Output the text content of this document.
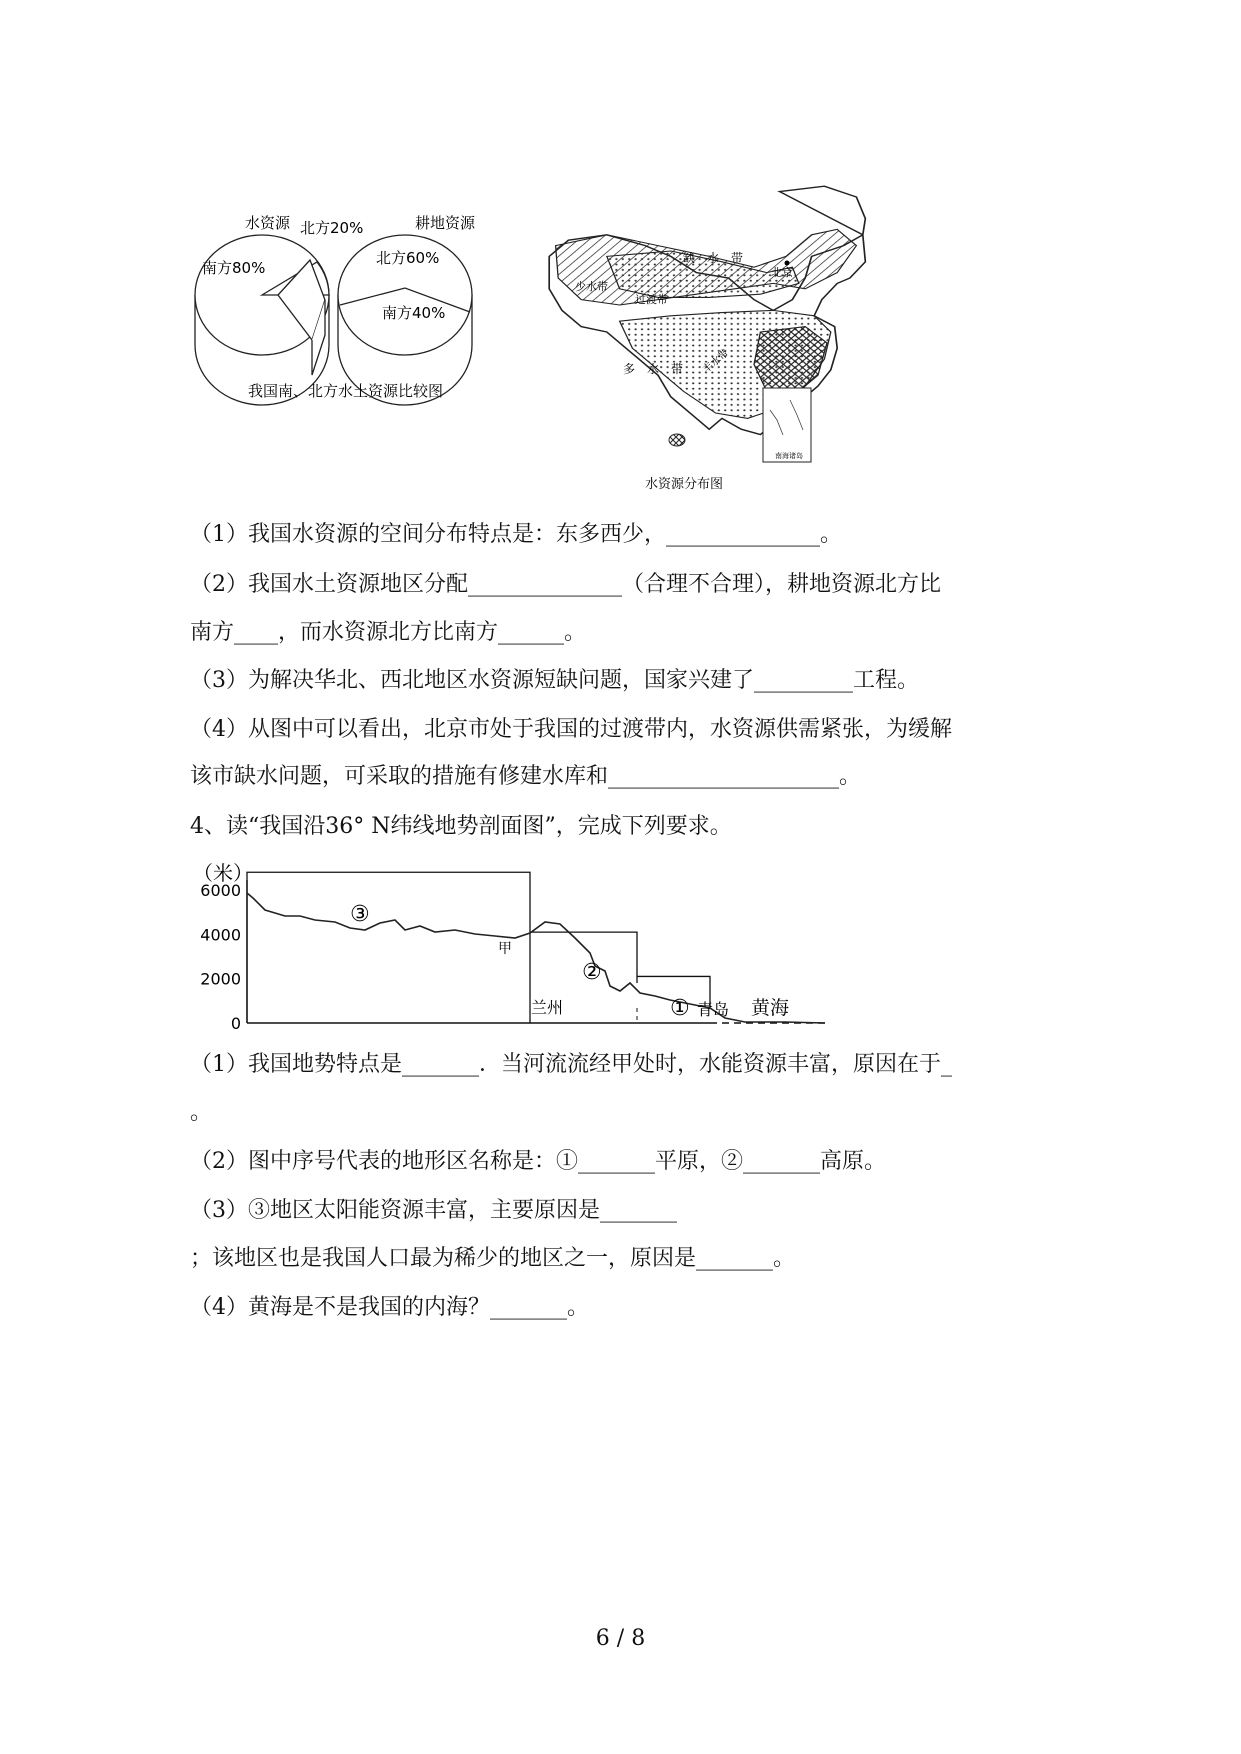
水资源	耕地资源
北方20%
南方80%
北方60%
南方40%
我国南、北方水土资源比较图
缺　水　带
少水带
过渡带
多　水　带 丰水带
北京
南海诸岛
水资源分布图
（1）我国水资源的空间分布特点是：东多西少，______________。
（2）我国水土资源地区分配______________（合理不合理），耕地资源北方比
南方____，而水资源北方比南方______。
（3）为解决华北、西北地区水资源短缺问题，国家兴建了_________工程。
（4）从图中可以看出，北京市处于我国的过渡带内，水资源供需紧张，为缓解
该市缺水问题，可采取的措施有修建水库和_____________________。
4、读“我国沿36° N纬线地势剖面图”，完成下列要求。
（米）
0
2000
4000
6000
③
②
①
甲
兰州	青岛 黄海
（1）我国地势特点是_______．当河流流经甲处时，水能资源丰富，原因在于_
。
（2）图中序号代表的地形区名称是：①_______平原，②_______高原。
（3）③地区太阳能资源丰富，主要原因是_______
；该地区也是我国人口最为稀少的地区之一，原因是_______。
（4）黄海是不是我国的内海？_______。
6 / 8
